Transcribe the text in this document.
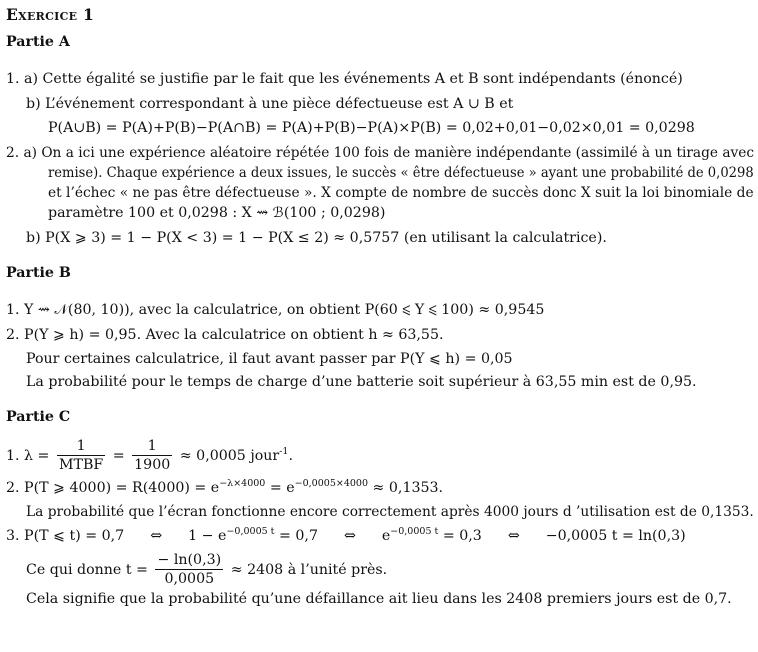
Exercice 1
Partie A
1. a) Cette égalité se justifie par le fait que les événements A et B sont indépendants (énoncé)
b) L’événement correspondant à une pièce défectueuse est A ∪ B et
P(A∪B) = P(A)+P(B)−P(A∩B) = P(A)+P(B)−P(A)×P(B) = 0,02+0,01−0,02×0,01 = 0,0298
2. a) On a ici une expérience aléatoire répétée 100 fois de manière indépendante (assimilé à un tirage avec
remise). Chaque expérience a deux issues, le succès « être défectueuse » ayant une probabilité de 0,0298
et l’échec « ne pas être défectueuse ». X compte de nombre de succès donc X suit la loi binomiale de
paramètre 100 et 0,0298 : X ⇝ ℬ(100 ; 0,0298)
b) P(X ⩾ 3) = 1 − P(X < 3) = 1 − P(X ≤ 2) ≈ 0,5757 (en utilisant la calculatrice).
Partie B
1. Y ⇝ 𝒩(80, 10)), avec la calculatrice, on obtient P(60 ⩽ Y ⩽ 100) ≈ 0,9545
2. P(Y ⩾ h) = 0,95. Avec la calculatrice on obtient h ≈ 63,55.
Pour certaines calculatrice, il faut avant passer par P(Y ⩽ h) = 0,05
La probabilité pour le temps de charge d’une batterie soit supérieur à 63,55 min est de 0,95.
Partie C
1. $\lambda = \frac{1}{\text{MTBF}} = \frac{1}{1900} \approx 0,0005$ jour$^{-1}$.
2. P(T ⩾ $4000) = R(4000) = e^{-\lambda\times 4000} = e^{-0,0005\times 4000} \approx 0,1353$.
La probabilité que l’écran fonctionne encore correctement après 4000 jours d ’utilisation est de 0,1353.
3. P(T ⩽ t) = 0,7 ⇔ $1 - e^{-0,0005 t} = 0,7$ ⇔ $e^{-0,0005 t} = 0,3$ ⇔ −0,0005 t = ln(0,3)
Ce qui donne $t = \frac{- \ln(0,3)}{0,0005} \approx 2408$ à l’unité près.
Cela signifie que la probabilité qu’une défaillance ait lieu dans les 2408 premiers jours est de 0,7.
